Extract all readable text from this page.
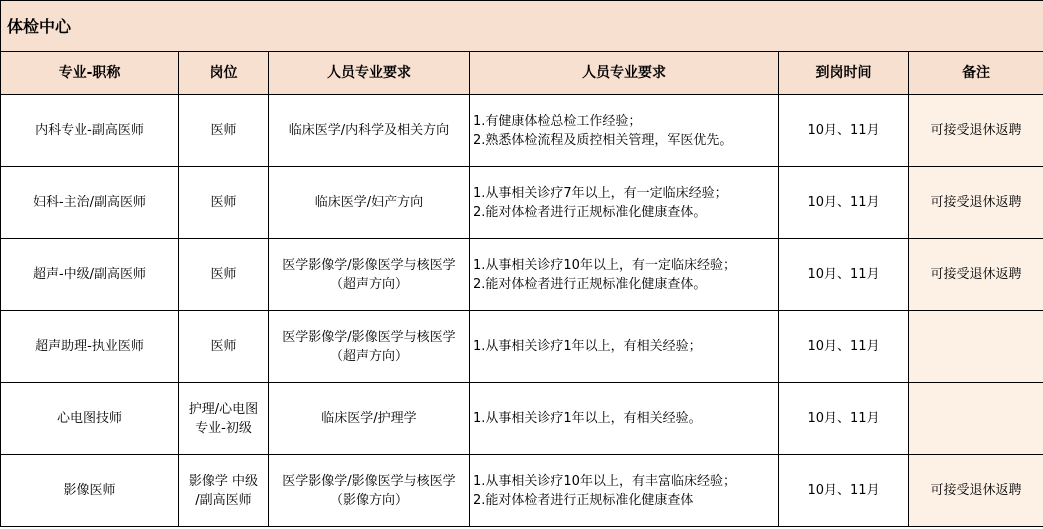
体检中心					
专业-职称	岗位	人员专业要求	人员专业要求	到岗时间	备注

内科专业-副高医师	医师	临床医学/内科学及相关方向	1.有健康体检总检工作经验；
2.熟悉体检流程及质控相关管理，军医优先。	10月、11月	可接受退休返聘

妇科-主治/副高医师	医师	临床医学/妇产方向	1.从事相关诊疗7年以上，有一定临床经验；
2.能对体检者进行正规标准化健康查体。	10月、11月	可接受退休返聘

超声-中级/副高医师	医师	医学影像学/影像医学与核医学
（超声方向）	1.从事相关诊疗10年以上，有一定临床经验；
2.能对体检者进行正规标准化健康查体。	10月、11月	可接受退休返聘

超声助理-执业医师	医师	医学影像学/影像医学与核医学
（超声方向）	1.从事相关诊疗1年以上，有相关经验；	10月、11月	

心电图技师	护理/心电图
专业-初级	临床医学/护理学	1.从事相关诊疗1年以上，有相关经验。	10月、11月	

影像医师	影像学 中级
/副高医师	医学影像学/影像医学与核医学
（影像方向）	1.从事相关诊疗10年以上，有丰富临床经验；
2.能对体检者进行正规标准化健康查体	10月、11月	可接受退休返聘
